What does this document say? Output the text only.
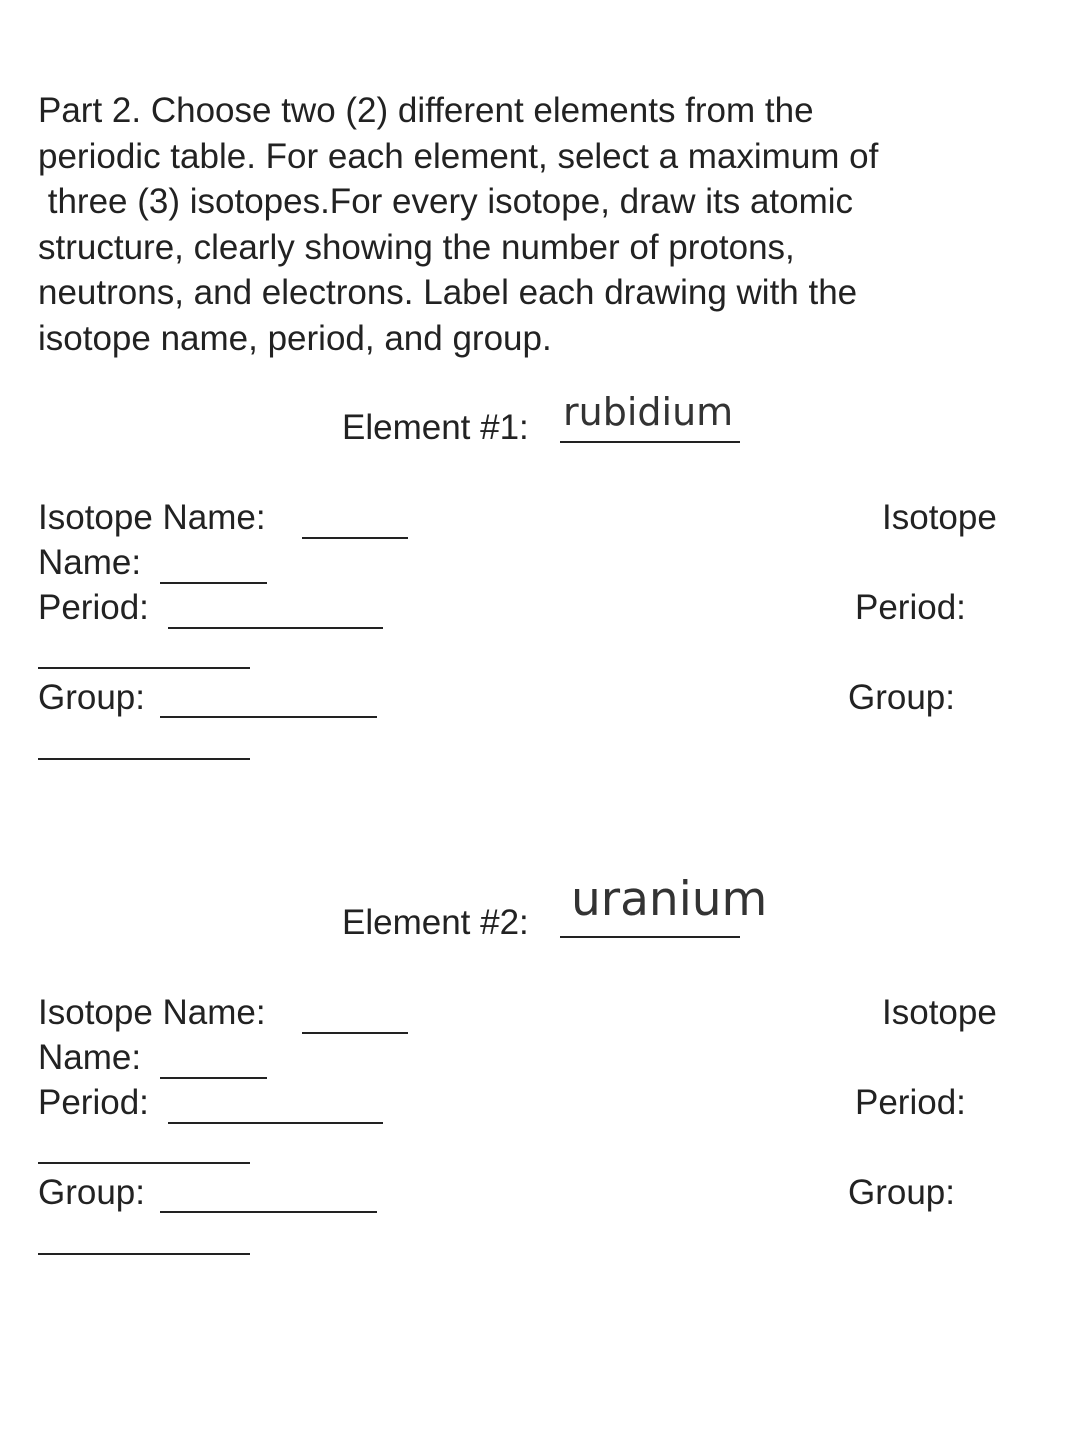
Part 2. Choose two (2) different elements from the
periodic table. For each element, select a maximum of
three (3) isotopes.For every isotope, draw its atomic
structure, clearly showing the number of protons,
neutrons, and electrons. Label each drawing with the
isotope name, period, and group.
Element #1: rubidium
Isotope Name:
Name:
Period:
Group:
Isotope
Period:
Group:
Element #2: uranium
Isotope Name:
Name:
Period:
Group:
Isotope
Period:
Group:
